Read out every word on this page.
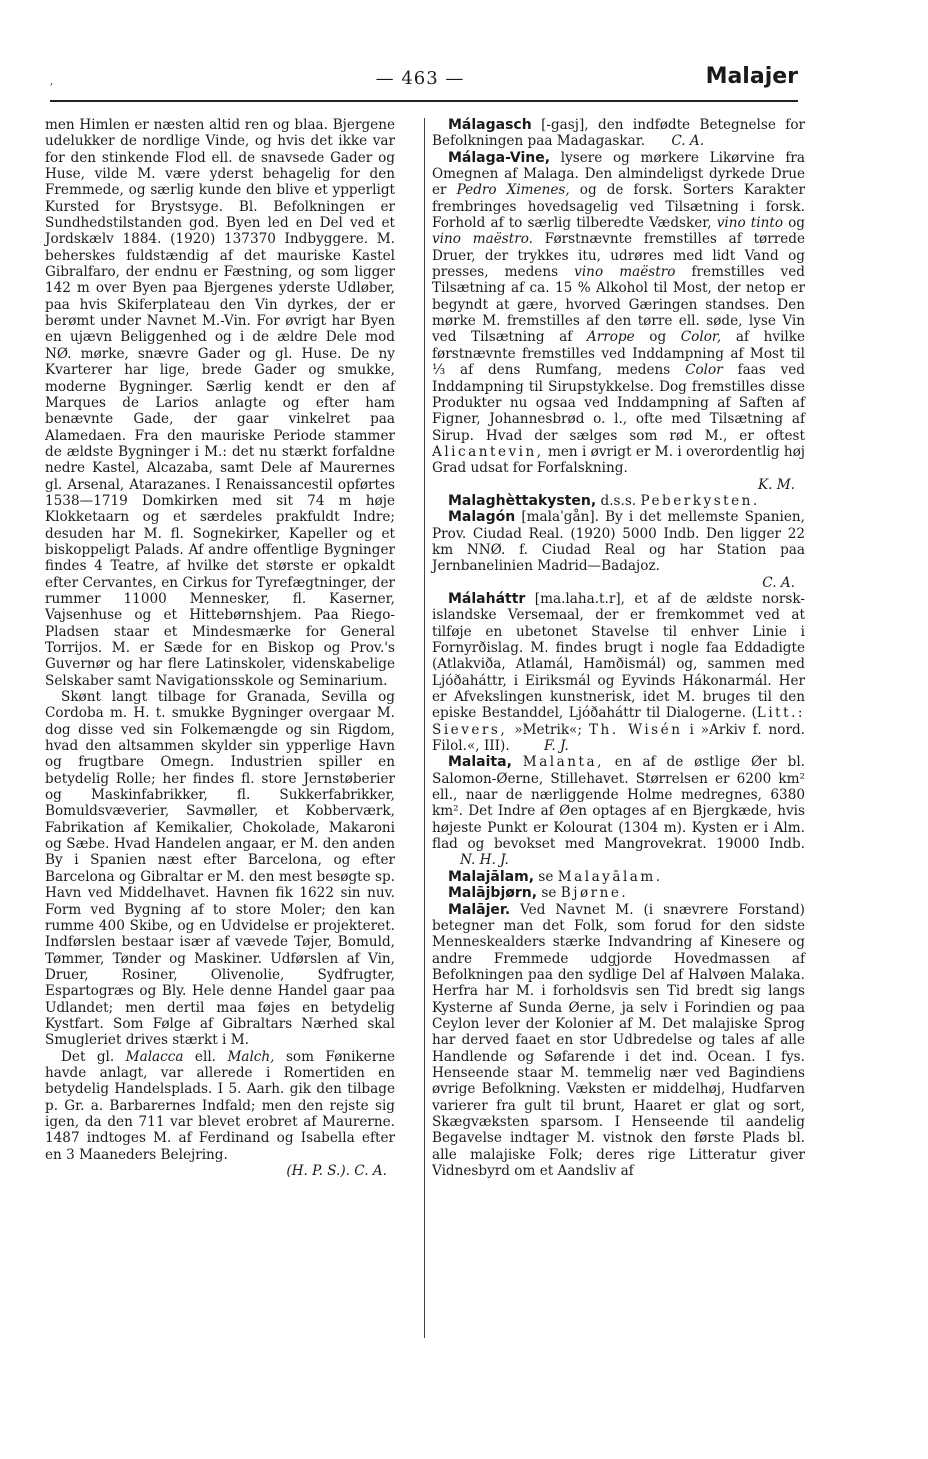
,	— 463 —	Malajer

men Himlen er næsten altid ren og blaa. Bjergene udelukker de nordlige Vinde, og hvis det ikke var for den stinkende Flod ell. de snavsede Gader og Huse, vilde M. være yderst behagelig for den Fremmede, og særlig kunde den blive et ypperligt Kursted for Brystsyge. Bl. Befolkningen er Sundhedstilstanden god. Byen led en Del ved et Jordskælv 1884. (1920) 137370 Indbyggere. M. beherskes fuldstændig af det mauriske Kastel Gibralfaro, der endnu er Fæstning, og som ligger 142 m over Byen paa Bjergenes yderste Udløber, paa hvis Skiferplateau den Vin dyrkes, der er berømt under Navnet M.-Vin. For øvrigt har Byen en ujævn Beliggenhed og i de ældre Dele mod NØ. mørke, snævre Gader og gl. Huse. De ny Kvarterer har lige, brede Gader og smukke, moderne Bygninger. Særlig kendt er den af Marques de Larios anlagte og efter ham benævnte Gade, der gaar vinkelret paa Alamedaen. Fra den mauriske Periode stammer de ældste Bygninger i M.: det nu stærkt forfaldne nedre Kastel, Alcazaba, samt Dele af Maurernes gl. Arsenal, Atarazanes. I Renaissancestil opførtes 1538—1719 Domkirken med sit 74 m høje Klokketaarn og et særdeles prakfuldt Indre; desuden har M. fl. Sognekirker, Kapeller og et biskoppeligt Palads. Af andre offentlige Bygninger findes 4 Teatre, af hvilke det største er opkaldt efter Cervantes, en Cirkus for Tyrefægtninger, der rummer 11000 Mennesker, fl. Kaserner, Vajsenhuse og et Hittebørnshjem. Paa Riego-Pladsen staar et Mindesmærke for General Torrijos. M. er Sæde for en Biskop og Prov.'s Guvernør og har flere Latinskoler, videnskabelige Selskaber samt Navigationsskole og Seminarium.

Skønt langt tilbage for Granada, Sevilla og Cordoba m. H. t. smukke Bygninger overgaar M. dog disse ved sin Folkemængde og sin Rigdom, hvad den altsammen skylder sin ypperlige Havn og frugtbare Omegn. Industrien spiller en betydelig Rolle; her findes fl. store Jernstøberier og Maskinfabrikker, fl. Sukkerfabrikker, Bomuldsvæverier, Savmøller, et Kobberværk, Fabrikation af Kemikalier, Chokolade, Makaroni og Sæbe. Hvad Handelen angaar, er M. den anden By i Spanien næst efter Barcelona, og efter Barcelona og Gibraltar er M. den mest besøgte sp. Havn ved Middelhavet. Havnen fik 1622 sin nuv. Form ved Bygning af to store Moler; den kan rumme 400 Skibe, og en Udvidelse er projekteret. Indførslen bestaar især af vævede Tøjer, Bomuld, Tømmer, Tønder og Maskiner. Udførslen af Vin, Druer, Rosiner, Olivenolie, Sydfrugter, Espartogræs og Bly. Hele denne Handel gaar paa Udlandet; men dertil maa føjes en betydelig Kystfart. Som Følge af Gibraltars Nærhed skal Smugleriet drives stærkt i M.

Det gl. Malacca ell. Malch, som Fønikerne havde anlagt, var allerede i Romertiden en betydelig Handelsplads. I 5. Aarh. gik den tilbage p. Gr. a. Barbarernes Indfald; men den rejste sig igen, da den 711 var blevet erobret af Maurerne. 1487 indtoges M. af Ferdinand og Isabella efter en 3 Maaneders Belejring.

(H. P. S.). C. A.

Málagasch [-gasj], den indfødte Betegnelse for Befolkningen paa Madagaskar. C. A.

Málaga-Vine, lysere og mørkere Likørvine fra Omegnen af Malaga. Den almindeligst dyrkede Drue er Pedro Ximenes, og de forsk. Sorters Karakter frembringes hovedsagelig ved Tilsætning i forsk. Forhold af to særlig tilberedte Vædsker, vino tinto og vino maëstro. Førstnævnte fremstilles af tørrede Druer, der trykkes itu, udrøres med lidt Vand og presses, medens vino maëstro fremstilles ved Tilsætning af ca. 15 % Alkohol til Most, der netop er begyndt at gære, hvorved Gæringen standses. Den mørke M. fremstilles af den tørre ell. søde, lyse Vin ved Tilsætning af Arrope og Color, af hvilke førstnævnte fremstilles ved Inddampning af Most til ⅓ af dens Rumfang, medens Color faas ved Inddampning til Sirupstykkelse. Dog fremstilles disse Produkter nu ogsaa ved Inddampning af Saften af Figner, Johannesbrød o. l., ofte med Tilsætning af Sirup. Hvad der sælges som rød M., er oftest Alicantevin, men i øvrigt er M. i overordentlig høj Grad udsat for Forfalskning.

K. M.

Malaghèttakysten, d.s.s. Peberkysten.

Malagón [malaˈgån]. By i det mellemste Spanien, Prov. Ciudad Real. (1920) 5000 Indb. Den ligger 22 km NNØ. f. Ciudad Real og har Station paa Jernbanelinien Madrid—Badajoz.

C. A.

Málaháttr [ma.laha.t.r], et af de ældste norsk-islandske Versemaal, der er fremkommet ved at tilføje en ubetonet Stavelse til enhver Linie i Fornyrðislag. M. findes brugt i nogle faa Eddadigte (Atlakviða, Atlamál, Hamðismál) og, sammen med Ljóðaháttr, i Eiriksmál og Eyvinds Hákonarmál. Her er Afvekslingen kunstnerisk, idet M. bruges til den episke Bestanddel, Ljóðaháttr til Dialogerne. (Litt.: Sievers, »Metrik«; Th. Wisén i »Arkiv f. nord. Filol.«, III).	F. J.

Malaita, Malanta, en af de østlige Øer bl. Salomon-Øerne, Stillehavet. Størrelsen er 6200 km² ell., naar de nærliggende Holme medregnes, 6380 km². Det Indre af Øen optages af en Bjergkæde, hvis højeste Punkt er Kolourat (1304 m). Kysten er i Alm. flad og bevokset med Mangrovekrat. 19000 Indb. N. H. J.

Malajālam, se Malayālam.

Malājbjørn, se Bjørne.

Malājer. Ved Navnet M. (i snævrere Forstand) betegner man det Folk, som forud for den sidste Menneskealders stærke Indvandring af Kinesere og andre Fremmede udgjorde Hovedmassen af Befolkningen paa den sydlige Del af Halvøen Malaka. Herfra har M. i forholdsvis sen Tid bredt sig langs Kysterne af Sunda Øerne, ja selv i Forindien og paa Ceylon lever der Kolonier af M. Det malajiske Sprog har derved faaet en stor Udbredelse og tales af alle Handlende og Søfarende i det ind. Ocean. I fys. Henseende staar M. temmelig nær ved Bagindiens øvrige Befolkning. Væksten er middelhøj, Hudfarven varierer fra gult til brunt, Haaret er glat og sort, Skægvæksten sparsom. I Henseende til aandelig Begavelse indtager M. vistnok den første Plads bl. alle malajiske Folk; deres rige Litteratur giver Vidnesbyrd om et Aandsliv af
